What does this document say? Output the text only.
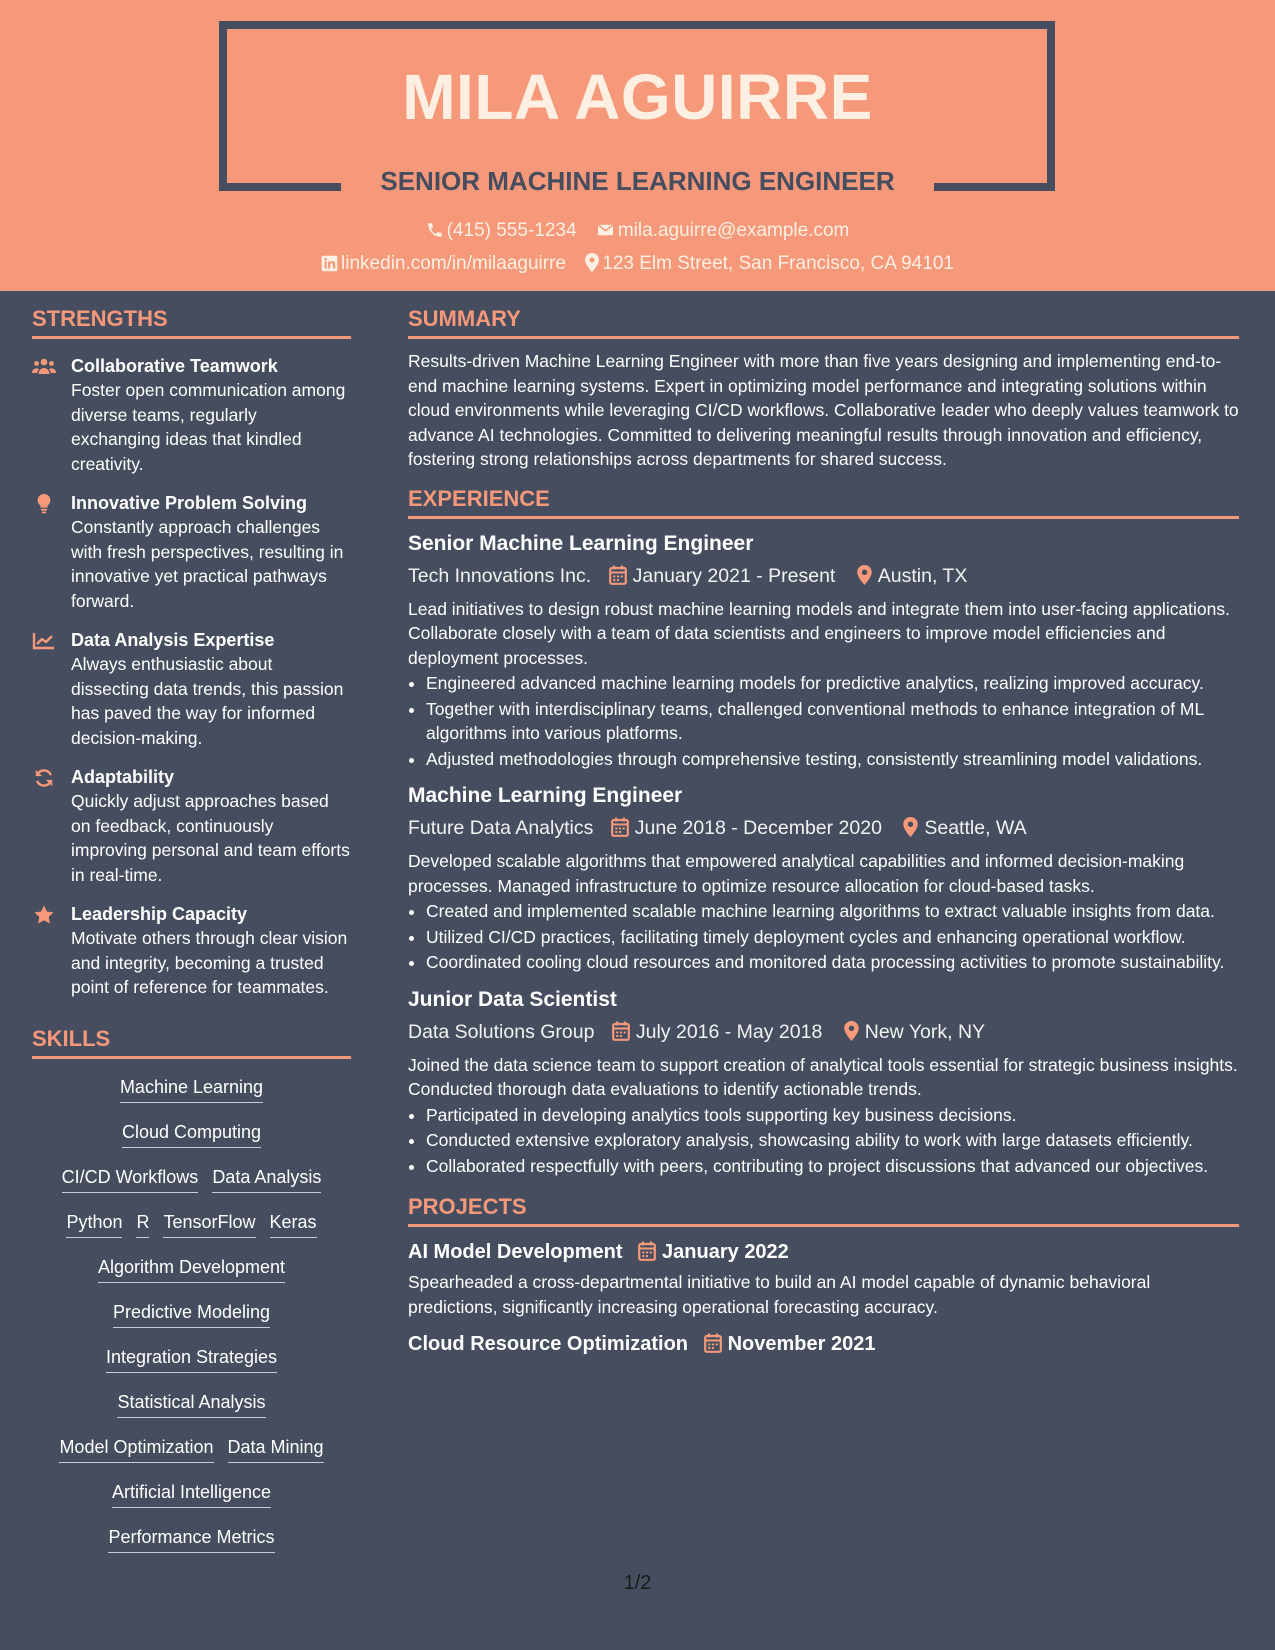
MILA AGUIRRE
SENIOR MACHINE LEARNING ENGINEER
(415) 555-1234 mila.aguirre@example.com
linkedin.com/in/milaaguirre 123 Elm Street, San Francisco, CA 94101
STRENGTHS
Collaborative Teamwork
Foster open communication among diverse teams, regularly exchanging ideas that kindled creativity.
Innovative Problem Solving
Constantly approach challenges with fresh perspectives, resulting in innovative yet practical pathways forward.
Data Analysis Expertise
Always enthusiastic about dissecting data trends, this passion has paved the way for informed decision-making.
Adaptability
Quickly adjust approaches based on feedback, continuously improving personal and team efforts in real-time.
Leadership Capacity
Motivate others through clear vision and integrity, becoming a trusted point of reference for teammates.
SKILLS
Machine Learning
Cloud Computing
CI/CD Workflows Data Analysis
Python R TensorFlow Keras
Algorithm Development
Predictive Modeling
Integration Strategies
Statistical Analysis
Model Optimization Data Mining
Artificial Intelligence
Performance Metrics
SUMMARY
Results-driven Machine Learning Engineer with more than five years designing and implementing end-to-end machine learning systems. Expert in optimizing model performance and integrating solutions within cloud environments while leveraging CI/CD workflows. Collaborative leader who deeply values teamwork to advance AI technologies. Committed to delivering meaningful results through innovation and efficiency, fostering strong relationships across departments for shared success.
EXPERIENCE
Senior Machine Learning Engineer
Tech Innovations Inc. January 2021 - Present Austin, TX
Lead initiatives to design robust machine learning models and integrate them into user-facing applications. Collaborate closely with a team of data scientists and engineers to improve model efficiencies and deployment processes.
• Engineered advanced machine learning models for predictive analytics, realizing improved accuracy.
• Together with interdisciplinary teams, challenged conventional methods to enhance integration of ML algorithms into various platforms.
• Adjusted methodologies through comprehensive testing, consistently streamlining model validations.
Machine Learning Engineer
Future Data Analytics June 2018 - December 2020 Seattle, WA
Developed scalable algorithms that empowered analytical capabilities and informed decision-making processes. Managed infrastructure to optimize resource allocation for cloud-based tasks.
• Created and implemented scalable machine learning algorithms to extract valuable insights from data.
• Utilized CI/CD practices, facilitating timely deployment cycles and enhancing operational workflow.
• Coordinated cooling cloud resources and monitored data processing activities to promote sustainability.
Junior Data Scientist
Data Solutions Group July 2016 - May 2018 New York, NY
Joined the data science team to support creation of analytical tools essential for strategic business insights. Conducted thorough data evaluations to identify actionable trends.
• Participated in developing analytics tools supporting key business decisions.
• Conducted extensive exploratory analysis, showcasing ability to work with large datasets efficiently.
• Collaborated respectfully with peers, contributing to project discussions that advanced our objectives.
PROJECTS
AI Model Development January 2022
Spearheaded a cross-departmental initiative to build an AI model capable of dynamic behavioral predictions, significantly increasing operational forecasting accuracy.
Cloud Resource Optimization November 2021
1/2
